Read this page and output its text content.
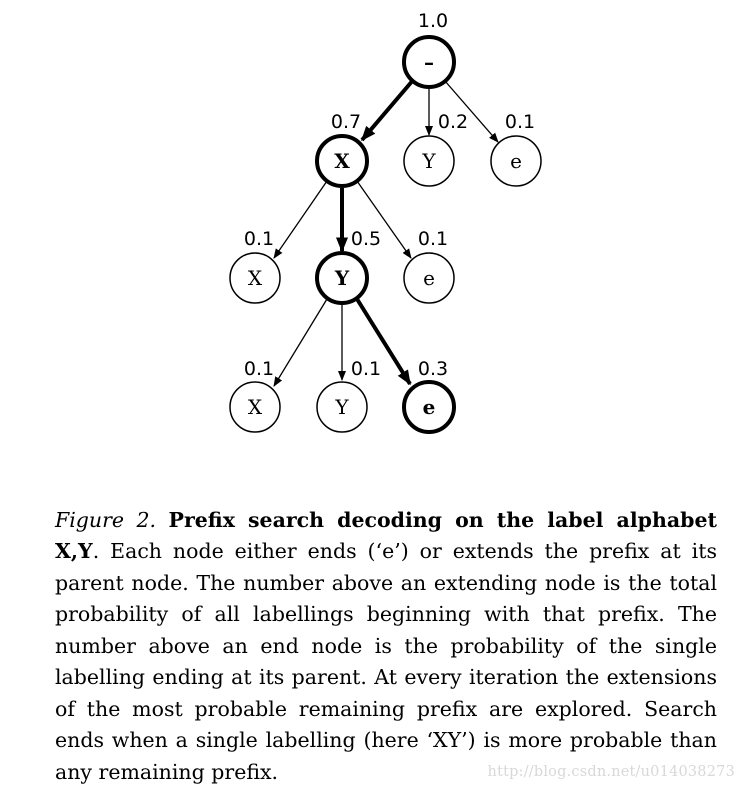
1.0
–
0.7
X
0.2
Y
0.1
e
0.1
X
0.5
Y
0.1
e
0.1
X
0.1
Y
0.3
e

Figure 2. Prefix search decoding on the label alphabet X,Y. Each node either ends (‘e’) or extends the prefix at its parent node. The number above an extending node is the total probability of all labellings beginning with that prefix. The number above an end node is the probability of the single labelling ending at its parent. At every iteration the extensions of the most probable remaining prefix are explored. Search ends when a single labelling (here ‘XY’) is more probable than any remaining prefix.	http://blog.csdn.net/u014038273
